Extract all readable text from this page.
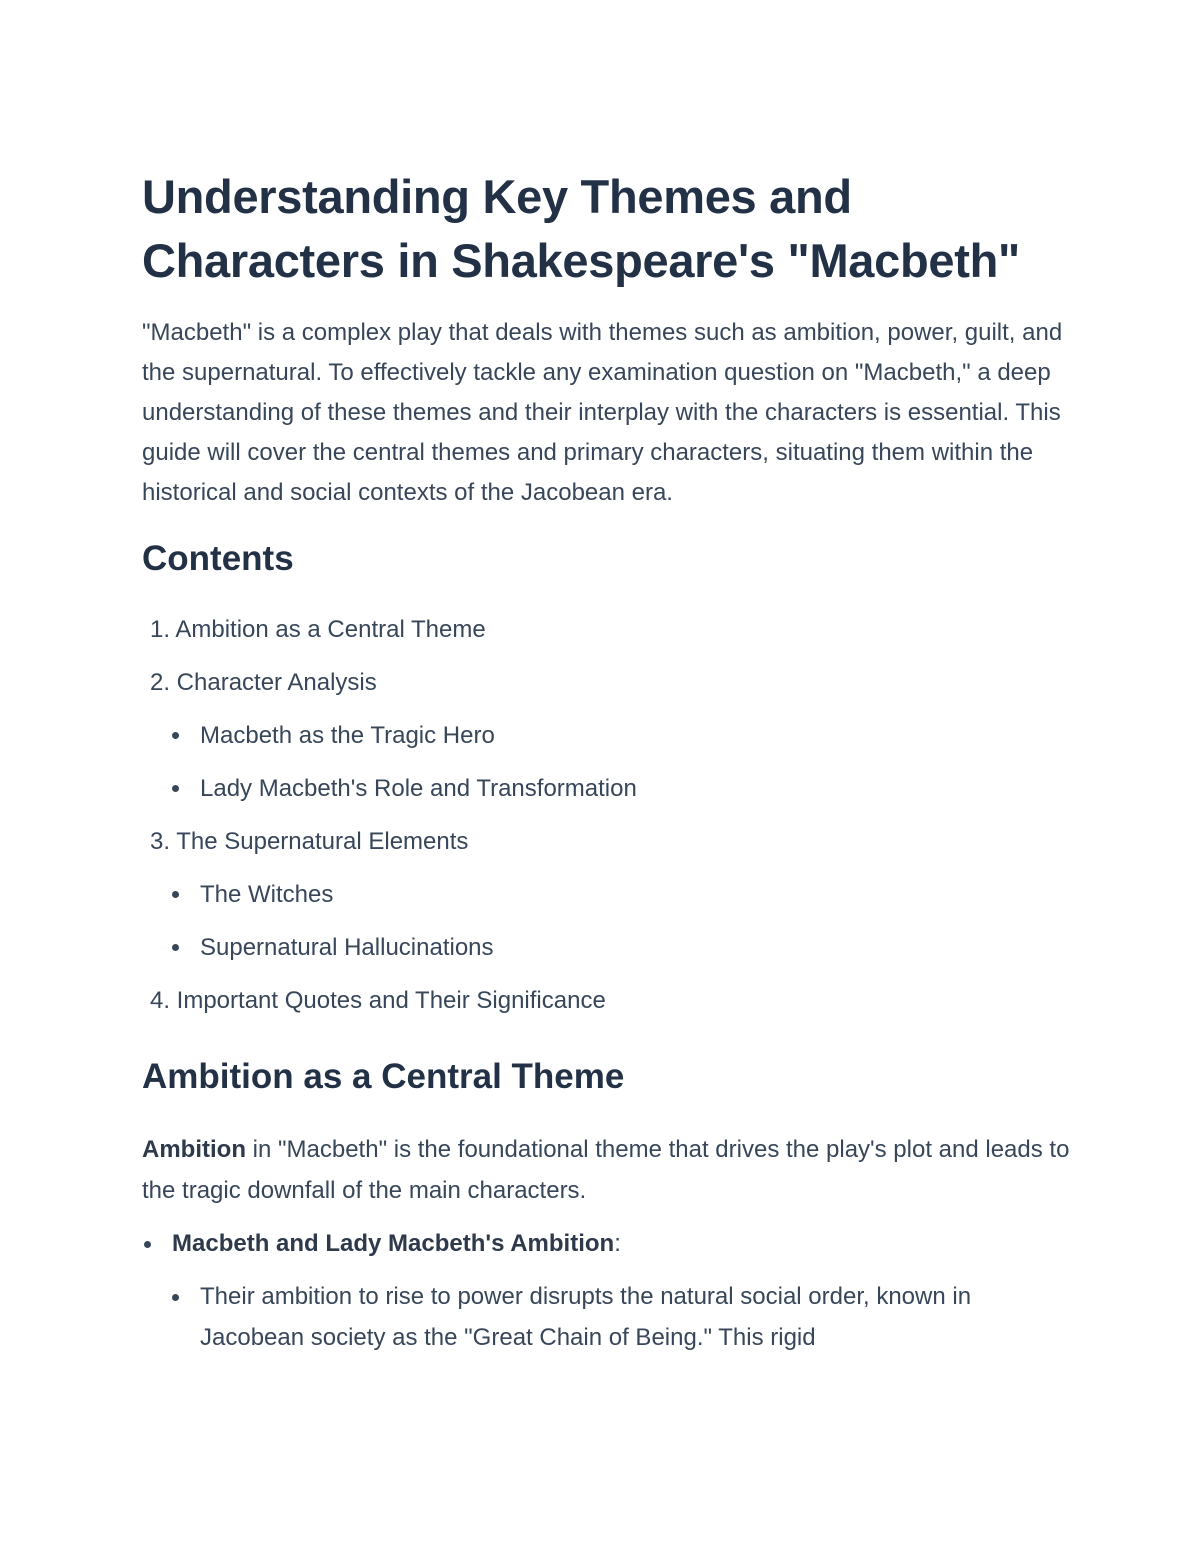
Understanding Key Themes and Characters in Shakespeare's "Macbeth"

"Macbeth" is a complex play that deals with themes such as ambition, power, guilt, and the supernatural. To effectively tackle any examination question on "Macbeth," a deep understanding of these themes and their interplay with the characters is essential. This guide will cover the central themes and primary characters, situating them within the historical and social contexts of the Jacobean era.

Contents
1. Ambition as a Central Theme
2. Character Analysis
Macbeth as the Tragic Hero
Lady Macbeth's Role and Transformation
3. The Supernatural Elements
The Witches
Supernatural Hallucinations
4. Important Quotes and Their Significance
Ambition as a Central Theme

Ambition in "Macbeth" is the foundational theme that drives the play's plot and leads to the tragic downfall of the main characters.

Macbeth and Lady Macbeth's Ambition:
Their ambition to rise to power disrupts the natural social order, known in Jacobean society as the "Great Chain of Being." This rigid
